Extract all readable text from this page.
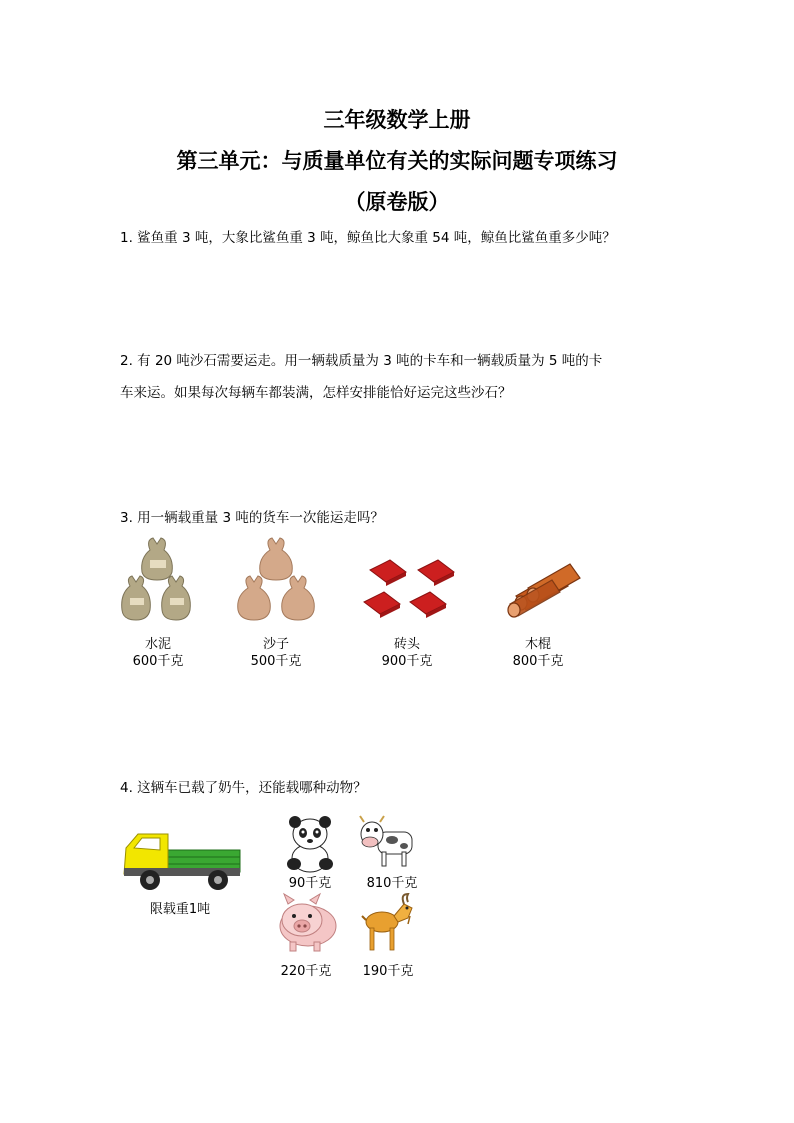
三年级数学上册
第三单元：与质量单位有关的实际问题专项练习
（原卷版）
1. 鲨鱼重 3 吨，大象比鲨鱼重 3 吨，鲸鱼比大象重 54 吨，鲸鱼比鲨鱼重多少吨？
2. 有 20 吨沙石需要运走。用一辆载质量为 3 吨的卡车和一辆载质量为 5 吨的卡
车来运。如果每次每辆车都装满，怎样安排能恰好运完这些沙石？
3. 用一辆载重量 3 吨的货车一次能运走吗？
水泥
600千克
沙子
500千克
砖头
900千克
木棍
800千克
4. 这辆车已载了奶牛，还能载哪种动物？
限载重1吨
90千克	810千克
220千克 190千克
